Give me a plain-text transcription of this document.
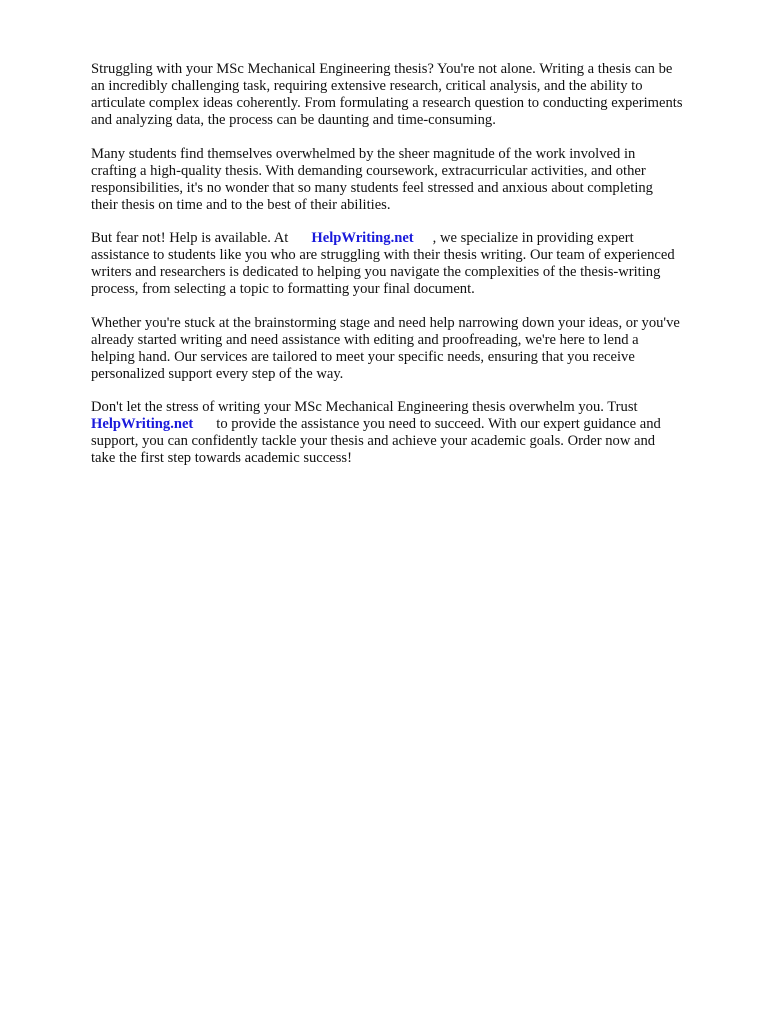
Struggling with your MSc Mechanical Engineering thesis? You're not alone. Writing a thesis can be
an incredibly challenging task, requiring extensive research, critical analysis, and the ability to
articulate complex ideas coherently. From formulating a research question to conducting experiments
and analyzing data, the process can be daunting and time-consuming.

Many students find themselves overwhelmed by the sheer magnitude of the work involved in
crafting a high-quality thesis. With demanding coursework, extracurricular activities, and other
responsibilities, it's no wonder that so many students feel stressed and anxious about completing
their thesis on time and to the best of their abilities.

But fear not! Help is available. At HelpWriting.net , we specialize in providing expert
assistance to students like you who are struggling with their thesis writing. Our team of experienced
writers and researchers is dedicated to helping you navigate the complexities of the thesis-writing
process, from selecting a topic to formatting your final document.

Whether you're stuck at the brainstorming stage and need help narrowing down your ideas, or you've
already started writing and need assistance with editing and proofreading, we're here to lend a
helping hand. Our services are tailored to meet your specific needs, ensuring that you receive
personalized support every step of the way.

Don't let the stress of writing your MSc Mechanical Engineering thesis overwhelm you. Trust
HelpWriting.net to provide the assistance you need to succeed. With our expert guidance and
support, you can confidently tackle your thesis and achieve your academic goals. Order now and
take the first step towards academic success!
